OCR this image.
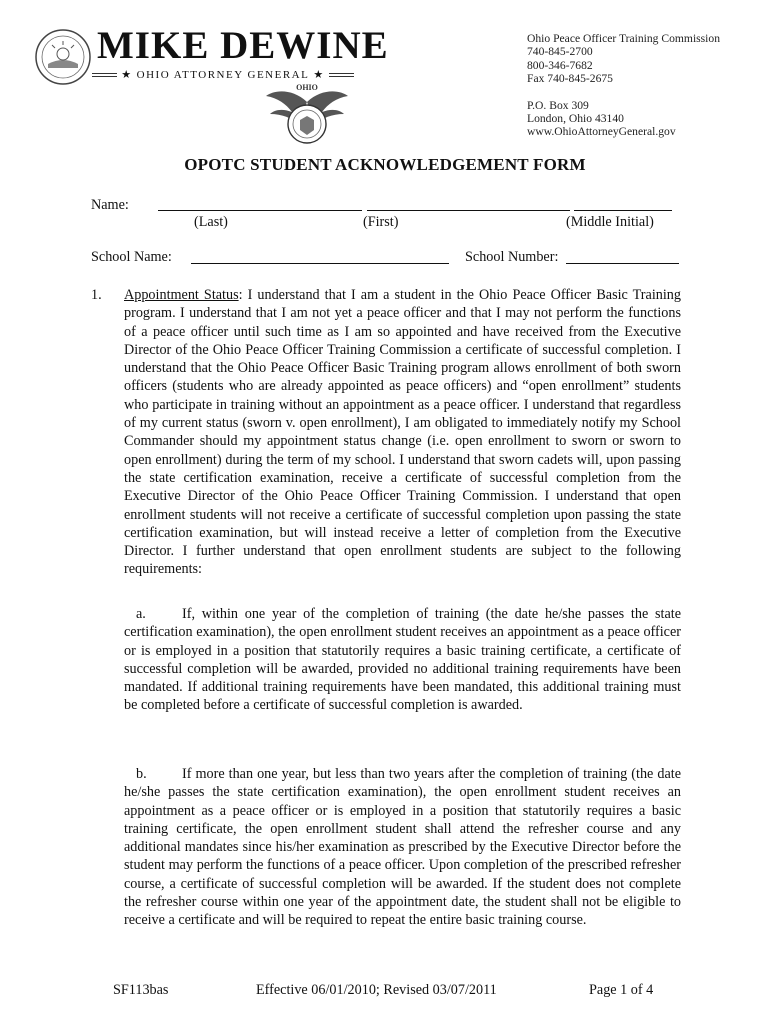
MIKE DEWINE
★ OHIO ATTORNEY GENERAL ★
OHIO
Ohio Peace Officer Training Commission
740-845-2700
800-346-7682
Fax 740-845-2675
P.O. Box 309
London, Ohio 43140
www.OhioAttorneyGeneral.gov
OPOTC STUDENT ACKNOWLEDGEMENT FORM
Name:
(Last)	(First)	(Middle Initial)
School Name:	School Number:
1. Appointment Status: I understand that I am a student in the Ohio Peace Officer Basic Training program. I understand that I am not yet a peace officer and that I may not perform the functions of a peace officer until such time as I am so appointed and have received from the Executive Director of the Ohio Peace Officer Training Commission a certificate of successful completion. I understand that the Ohio Peace Officer Basic Training program allows enrollment of both sworn officers (students who are already appointed as peace officers) and “open enrollment” students who participate in training without an appointment as a peace officer. I understand that regardless of my current status (sworn v. open enrollment), I am obligated to immediately notify my School Commander should my appointment status change (i.e. open enrollment to sworn or sworn to open enrollment) during the term of my school. I understand that sworn cadets will, upon passing the state certification examination, receive a certificate of successful completion from the Executive Director of the Ohio Peace Officer Training Commission. I understand that open enrollment students will not receive a certificate of successful completion upon passing the state certification examination, but will instead receive a letter of completion from the Executive Director. I further understand that open enrollment students are subject to the following requirements:
a.	If, within one year of the completion of training (the date he/she passes the state certification examination), the open enrollment student receives an appointment as a peace officer or is employed in a position that statutorily requires a basic training certificate, a certificate of successful completion will be awarded, provided no additional training requirements have been mandated. If additional training requirements have been mandated, this additional training must be completed before a certificate of successful completion is awarded.
b. If more than one year, but less than two years after the completion of training (the date he/she passes the state certification examination), the open enrollment student receives an appointment as a peace officer or is employed in a position that statutorily requires a basic training certificate, the open enrollment student shall attend the refresher course and any additional mandates since his/her examination as prescribed by the Executive Director before the student may perform the functions of a peace officer. Upon completion of the prescribed refresher course, a certificate of successful completion will be awarded. If the student does not complete the refresher course within one year of the appointment date, the student shall not be eligible to receive a certificate and will be required to repeat the entire basic training course.
SF113bas	Effective 06/01/2010; Revised 03/07/2011	Page 1 of 4
